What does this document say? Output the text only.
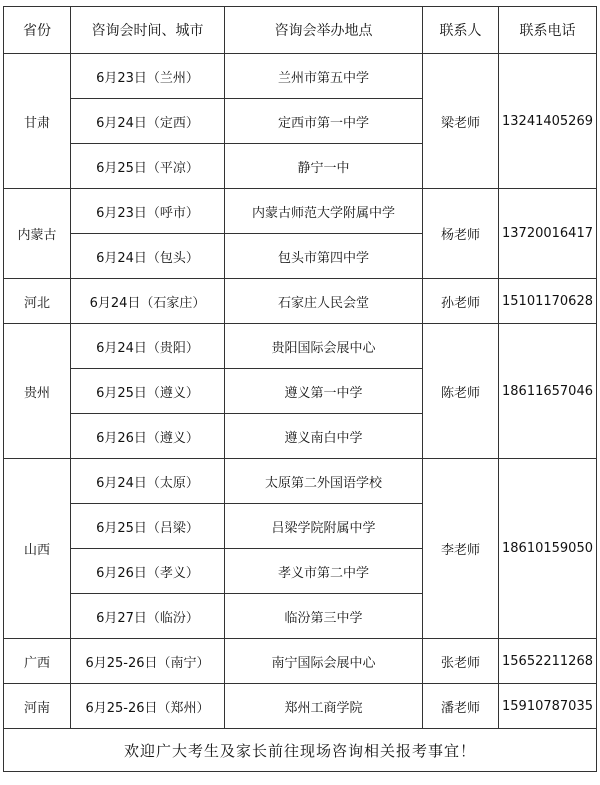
省份	咨询会时间、城市	咨询会举办地点	联系人	联系电话
甘肃	6月23日（兰州）	兰州市第五中学	梁老师	13241405269
	6月24日（定西）	定西市第一中学		
	6月25日（平凉）	静宁一中		
内蒙古	6月23日（呼市）	内蒙古师范大学附属中学	杨老师	13720016417
	6月24日（包头）	包头市第四中学		
河北	6月24日（石家庄）	石家庄人民会堂	孙老师	15101170628
贵州	6月24日（贵阳）	贵阳国际会展中心	陈老师	18611657046
	6月25日（遵义）	遵义第一中学		
	6月26日（遵义）	遵义南白中学		
山西	6月24日（太原）	太原第二外国语学校	李老师	18610159050
	6月25日（吕梁）	吕梁学院附属中学		
	6月26日（孝义）	孝义市第二中学		
	6月27日（临汾）	临汾第三中学		
广西	6月25-26日（南宁）	南宁国际会展中心	张老师	15652211268
河南	6月25-26日（郑州）	郑州工商学院	潘老师	15910787035
欢迎广大考生及家长前往现场咨询相关报考事宜！				
